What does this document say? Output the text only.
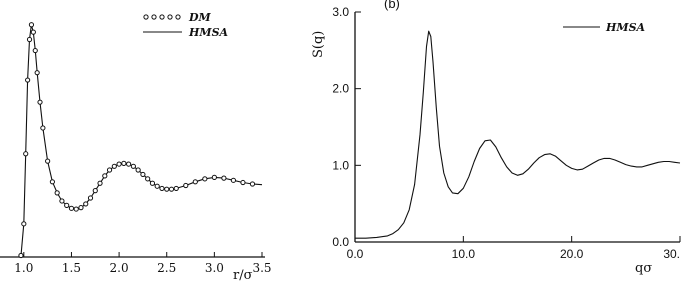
1.0 1.5 2.0 2.5 3.0 3.5
r/σ
DM
HMSA
0.0
1.0
2.0
3.0
0.0	10.0	20.0	30.
S(q)
(b)
qσ
HMSA
